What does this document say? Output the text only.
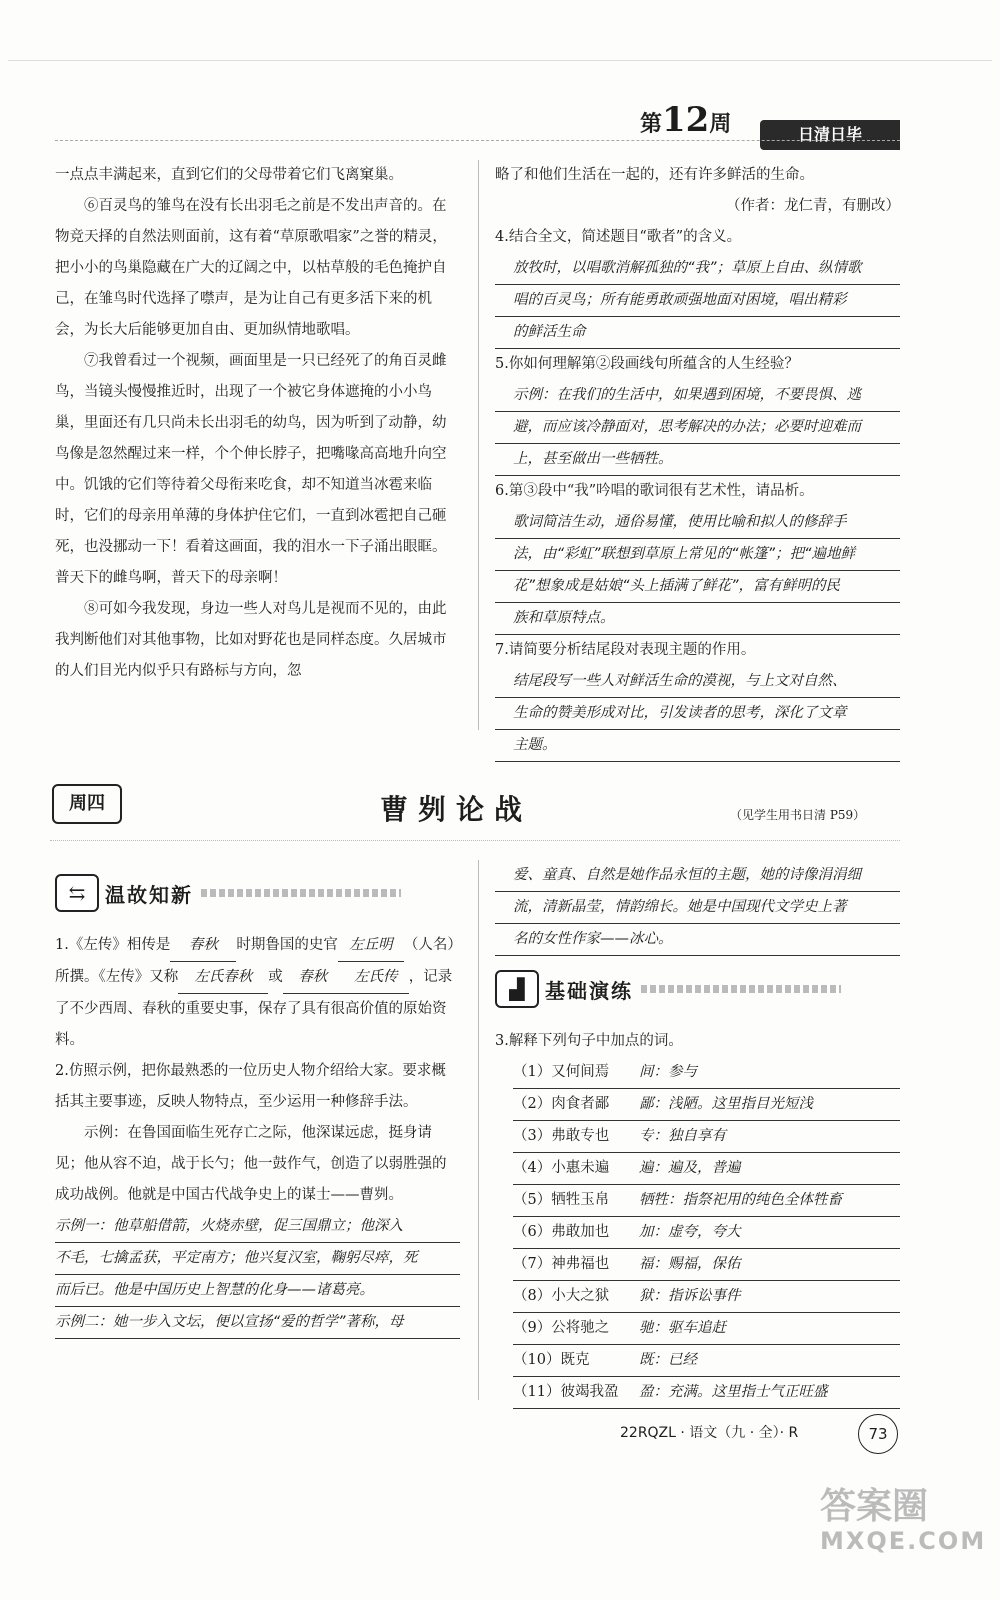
第12周	日清日毕

一点点丰满起来，直到它们的父母带着它们飞离窠巢。

⑥百灵鸟的雏鸟在没有长出羽毛之前是不发出声音的。在物竞天择的自然法则面前，这有着“草原歌唱家”之誉的精灵，把小小的鸟巢隐藏在广大的辽阔之中，以枯草般的毛色掩护自己，在雏鸟时代选择了噤声，是为让自己有更多活下来的机会，为长大后能够更加自由、更加纵情地歌唱。

⑦我曾看过一个视频，画面里是一只已经死了的角百灵雌鸟，当镜头慢慢推近时，出现了一个被它身体遮掩的小小鸟巢，里面还有几只尚未长出羽毛的幼鸟，因为听到了动静，幼鸟像是忽然醒过来一样，个个伸长脖子，把嘴喙高高地升向空中。饥饿的它们等待着父母衔来吃食，却不知道当冰雹来临时，它们的母亲用单薄的身体护住它们，一直到冰雹把自己砸死，也没挪动一下！看着这画面，我的泪水一下子涌出眼眶。普天下的雌鸟啊，普天下的母亲啊！

⑧可如今我发现，身边一些人对鸟儿是视而不见的，由此我判断他们对其他事物，比如对野花也是同样态度。久居城市的人们目光内似乎只有路标与方向，忽

略了和他们生活在一起的，还有许多鲜活的生命。

（作者：龙仁青，有删改）

4.结合全文，简述题目“歌者”的含义。

放牧时，以唱歌消解孤独的“我”；草原上自由、纵情歌
唱的百灵鸟；所有能勇敢顽强地面对困境，唱出精彩
的鲜活生命

5.你如何理解第②段画线句所蕴含的人生经验？

示例：在我们的生活中，如果遇到困境，不要畏惧、逃
避，而应该冷静面对，思考解决的办法；必要时迎难而
上，甚至做出一些牺牲。

6.第③段中“我”吟唱的歌词很有艺术性，请品析。

歌词简洁生动，通俗易懂，使用比喻和拟人的修辞手
法，由“彩虹”联想到草原上常见的“帐篷”；把“遍地鲜
花”想象成是姑娘“头上插满了鲜花”，富有鲜明的民
族和草原特点。

7.请简要分析结尾段对表现主题的作用。

结尾段写一些人对鲜活生命的漠视，与上文对自然、
生命的赞美形成对比，引发读者的思考，深化了文章
主题。
周四	曹刿论战	（见学生用书日清 P59）
⇆ 温故知新

1.《左传》相传是 春秋 时期鲁国的史官 左丘明 （人名）所撰。《左传》又称 左氏春秋 或 春秋 左氏传 ，记录了不少西周、春秋的重要史事，保存了具有很高价值的原始资料。

2.仿照示例，把你最熟悉的一位历史人物介绍给大家。要求概括其主要事迹，反映人物特点，至少运用一种修辞手法。

示例：在鲁国面临生死存亡之际，他深谋远虑，挺身请见；他从容不迫，战于长勺；他一鼓作气，创造了以弱胜强的成功战例。他就是中国古代战争史上的谋士——曹刿。

示例一：他草船借箭，火烧赤壁，促三国鼎立；他深入
不毛，七擒孟获，平定南方；他兴复汉室，鞠躬尽瘁，死
而后已。他是中国历史上智慧的化身——诸葛亮。
示例二：她一步入文坛，便以宣扬“爱的哲学”著称，母
爱、童真、自然是她作品永恒的主题，她的诗像涓涓细
流，清新晶莹，情韵绵长。她是中国现代文学史上著
名的女性作家——冰心。
▟	基础演练

3.解释下列句子中加点的词。

（1）又何间焉	间：参与
（2）肉食者鄙	鄙：浅陋。这里指目光短浅
（3）弗敢专也	专：独自享有
（4）小惠未遍	遍：遍及，普遍
（5）牺牲玉帛	牺牲：指祭祀用的纯色全体牲畜
（6）弗敢加也	加：虚夸，夸大
（7）神弗福也	福：赐福，保佑
（8）小大之狱	狱：指诉讼事件
（9）公将驰之	驰：驱车追赶
（10）既克	既：已经
（11）彼竭我盈	盈：充满。这里指士气正旺盛
22RQZL · 语文（九 · 全）· R	73
答案圈
MXQE.COM
